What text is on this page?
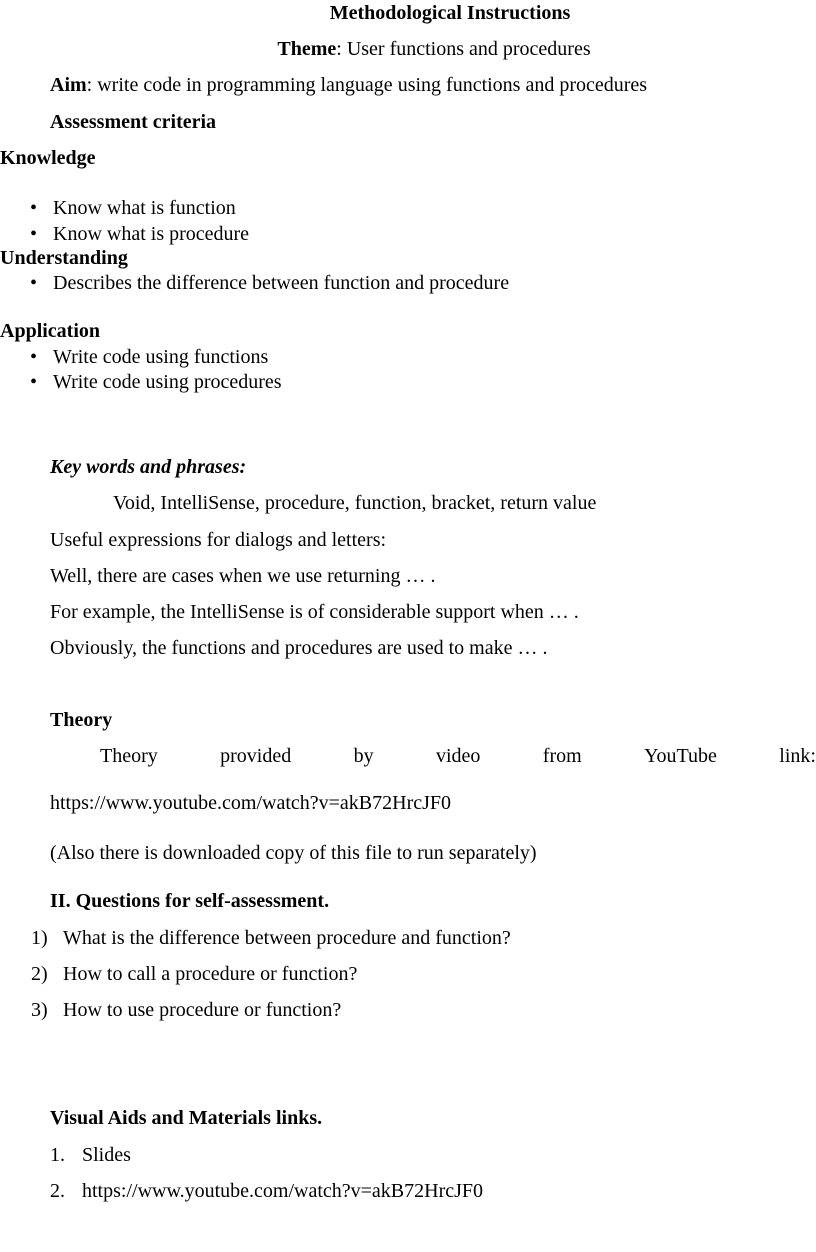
Methodological Instructions
Theme: User functions and procedures
Aim: write code in programming language using functions and procedures
Assessment criteria
Knowledge
• Know what is function
• Know what is procedure
Understanding
• Describes the difference between function and procedure
Application
• Write code using functions
• Write code using procedures
Key words and phrases:
Void, IntelliSense, procedure, function, bracket, return value
Useful expressions for dialogs and letters:
Well, there are cases when we use returning … .
For example, the IntelliSense is of considerable support when … .
Obviously, the functions and procedures are used to make … .
Theory
Theory	provided	by	video	from	YouTube	link:
https://www.youtube.com/watch?v=akB72HrcJF0
(Also there is downloaded copy of this file to run separately)
II. Questions for self-assessment.
1) What is the difference between procedure and function?
2) How to call a procedure or function?
3) How to use procedure or function?
Visual Aids and Materials links.
1. Slides
2. https://www.youtube.com/watch?v=akB72HrcJF0
